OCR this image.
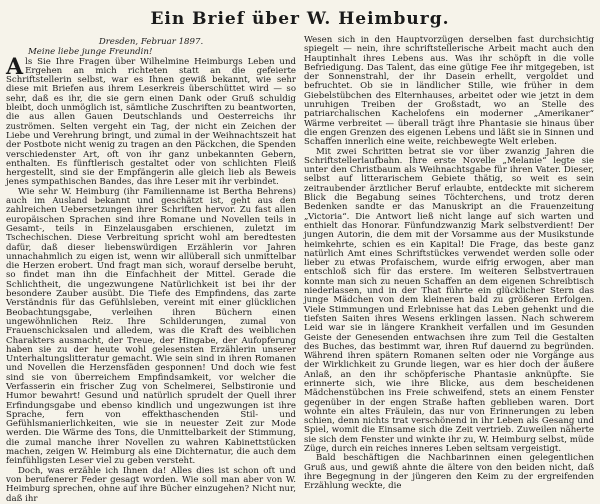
Ein Brief über W. Heimburg.
Dresden, Februar 1897.
Meine liebe junge Freundin!

Als Sie Ihre Fragen über Wilhelmine Heimburgs Leben und Ergehen an mich richteten statt an die gefeierte Schriftstellerin selbst, war es Ihnen gewiß bekannt, wie sehr diese mit Briefen aus ihrem Leserkreis überschüttet wird — so sehr, daß es ihr, die sie gern einen Dank oder Gruß schuldig bleibt, doch unmöglich ist, sämtliche Zuschriften zu beantworten, die aus allen Gauen Deutschlands und Oesterreichs ihr zuströmen. Selten vergeht ein Tag, der nicht ein Zeichen der Liebe und Verehrung bringt, und zumal in der Weihnachtszeit hat der Postbote nicht wenig zu tragen an den Päckchen, die Spenden verschiedenster Art, oft von ihr ganz unbekannten Gebern, enthalten. Es fünftlerisch gestaltet oder von schlichten Fleiß hergestellt, sind sie der Empfängerin alle gleich lieb als Beweis jenes sympathischen Bandes, das ihre Leser mit ihr verbindet.

Wie sehr W. Heimburg (ihr Familienname ist Bertha Behrens) auch im Ausland bekannt und geschätzt ist, geht aus den zahlreichen Uebersetzungen ihrer Schriften hervor. Zu fast allen europäischen Sprachen sind ihre Romane und Novellen teils in Gesamt-, teils in Einzelausgaben erschienen, zuletzt im Tschechischen. Diese Verbreitung spricht wohl am beredtesten dafür, daß dieser liebenswürdigen Erzählerin vor Jahren unnachahmlich zu eigen ist, wenn wir allüberall sich unmittelbar die Herzen erobert. Und fragt man sich, worauf derselbe beruht, so findet man ihn die Einfachheit der Mittel. Gerade die Schlichtheit, die ungezwungene Natürlichkeit ist bei ihr der besondere Zauber ausübt. Die Tiefe des Empfindens, das zarte Verständnis für das Gefühlsleben, vereint mit einer glücklichen Beobachtungsgabe, verleihen ihren Büchern einen ungewöhnlichen Reiz. Ihre Schilderungen, zumal von Frauenschicksalen und alledem, was die Kraft des weiblichen Charakters ausmacht, der Treue, der Hingabe, der Aufopferung haben sie zu der heute wohl gelesensten Erzählerin unserer Unterhaltungslitteratur gemacht. Wie sein sind in ihren Romanen und Novellen die Herzensfäden gesponnen! Und doch wie fest sind sie von überreichem Empfindsamkeit, vor welcher die Verfasserin ein frischer Zug von Schelmerei, Selbstironie und Humor bewahrt! Gesund und natürlich sprudelt der Quell ihrer Erfindungsgabe und ebenso kindlich und ungezwungen ist ihre Sprache, fern von effekthaschenden Stil- und Gefühlsmanierlichkeiten, wie sie in neuester Zeit zur Mode werden. Die Wärme des Tons, die Unmittelbarkeit der Stimmung, die zumal manche ihrer Novellen zu wahren Kabinettstücken machen, zeigen W. Heimburg als eine Dichternatur, die auch dem feinfühligsten Leser viel zu geben versteht.

Doch, was erzähle ich Ihnen da! Alles dies ist schon oft und von berufenerer Feder gesagt worden. Wie soll man aber von W. Heimburg sprechen, ohne auf ihre Bücher einzugehen? Nicht nur, daß ihr

Wesen sich in den Hauptvorzügen derselben fast durchsichtig spiegelt — nein, ihre schriftstellerische Arbeit macht auch den Hauptinhalt ihres Lebens aus. Was ihr schöpft in die volle Befriedigung. Das Talent, das eine gütige Fee ihr mitgegeben, ist der Sonnenstrahl, der ihr Dasein erhellt, vergoldet und befruchtet. Ob sie in ländlicher Stille, wie früher in dem Giebelstübchen des Elternhauses, arbeitet oder wie jetzt in dem unruhigen Treiben der Großstadt, wo an Stelle des patriarchalischen Kachelofens ein moderner „Amerikaner“ Wärme verbreitet — überall trägt ihre Phantasie sie hinaus über die engen Grenzen des eigenen Lebens und läßt sie in Sinnen und Schaffen innerlich eine weite, reichbewegte Welt erleben.

Mit zwei Schritten betrat sie vor über zwanzig Jahren die Schriftstellerlaufbahn. Ihre erste Novelle „Melanie“ legte sie unter den Christbaum als Weihnachtsgabe für ihren Vater. Dieser, selbst auf litterarischem Gebiete thätig, so weit es sein zeitraubender ärztlicher Beruf erlaubte, entdeckte mit sicherem Blick die Begabung seines Töchterchens, und trotz deren Bedenken sandte er das Manuskript an die Frauenzeitung „Victoria“. Die Antwort ließ nicht lange auf sich warten und enthielt das Honorar. Fünfundzwanzig Mark selbstverdient! Der jungen Autorin, die dem mit der Vorsamme aus der Musikstunde heimkehrte, schien es ein Kapital! Die Frage, das beste ganz natürlich Amt eines Schriftstückes verwendet werden solle oder lieber zu etwas Profaischem, wurde eifrig erwogen, aber man entschloß sich für das erstere. Im weiteren Selbstvertrauen konnte man sich zu neuen Schaffen an dem eigenen Schreibtisch niederlassen, und in der That führte ein glücklicher Stern das junge Mädchen von dem kleineren bald zu größeren Erfolgen. Viele Stimmungen und Erlebnisse hat das Leben gehenkt und die tiefsten Saiten ihres Wesens erklingen lassen. Nach schwerem Leid war sie in längere Krankheit verfallen und im Gesunden Geiste der Genesenden entwachsen ihre zum Teil die Gestalten des Buches, das bestimmt war, ihren Ruf dauernd zu begründen. Während ihren spätern Romanen selten oder nie Vorgänge aus der Wirklichkeit zu Grunde liegen, war es hier doch der äußere Anlaß, an den ihr schöpferische Phantasie anknüpfte. Sie erinnerte sich, wie ihre Blicke, aus dem bescheidenen Mädchenstübchen ins Freie schweifend, stets an einem Fenster gegenüber in der engen Straße haften geblieben waren. Dort wohnte ein altes Fräulein, das nur von Erinnerungen zu leben schien, denn nichts trat verschönend in ihr Leben als Gesang und Spiel, womit die Einsame sich die Zeit vertrieb. Zuweilen näherte sie sich dem Fenster und winkte ihr zu, W. Heimburg selbst, müde Züge, durch ein reiches inneres Leben seltsam vergeistigt.

Bald beschäftigen die Nachbarinnen einen gelegentlichen Gruß aus, und gewiß ahnte die ältere von den beiden nicht, daß ihre Begegnung in der jüngeren den Keim zu der ergreifenden Erzählung weckte, die
